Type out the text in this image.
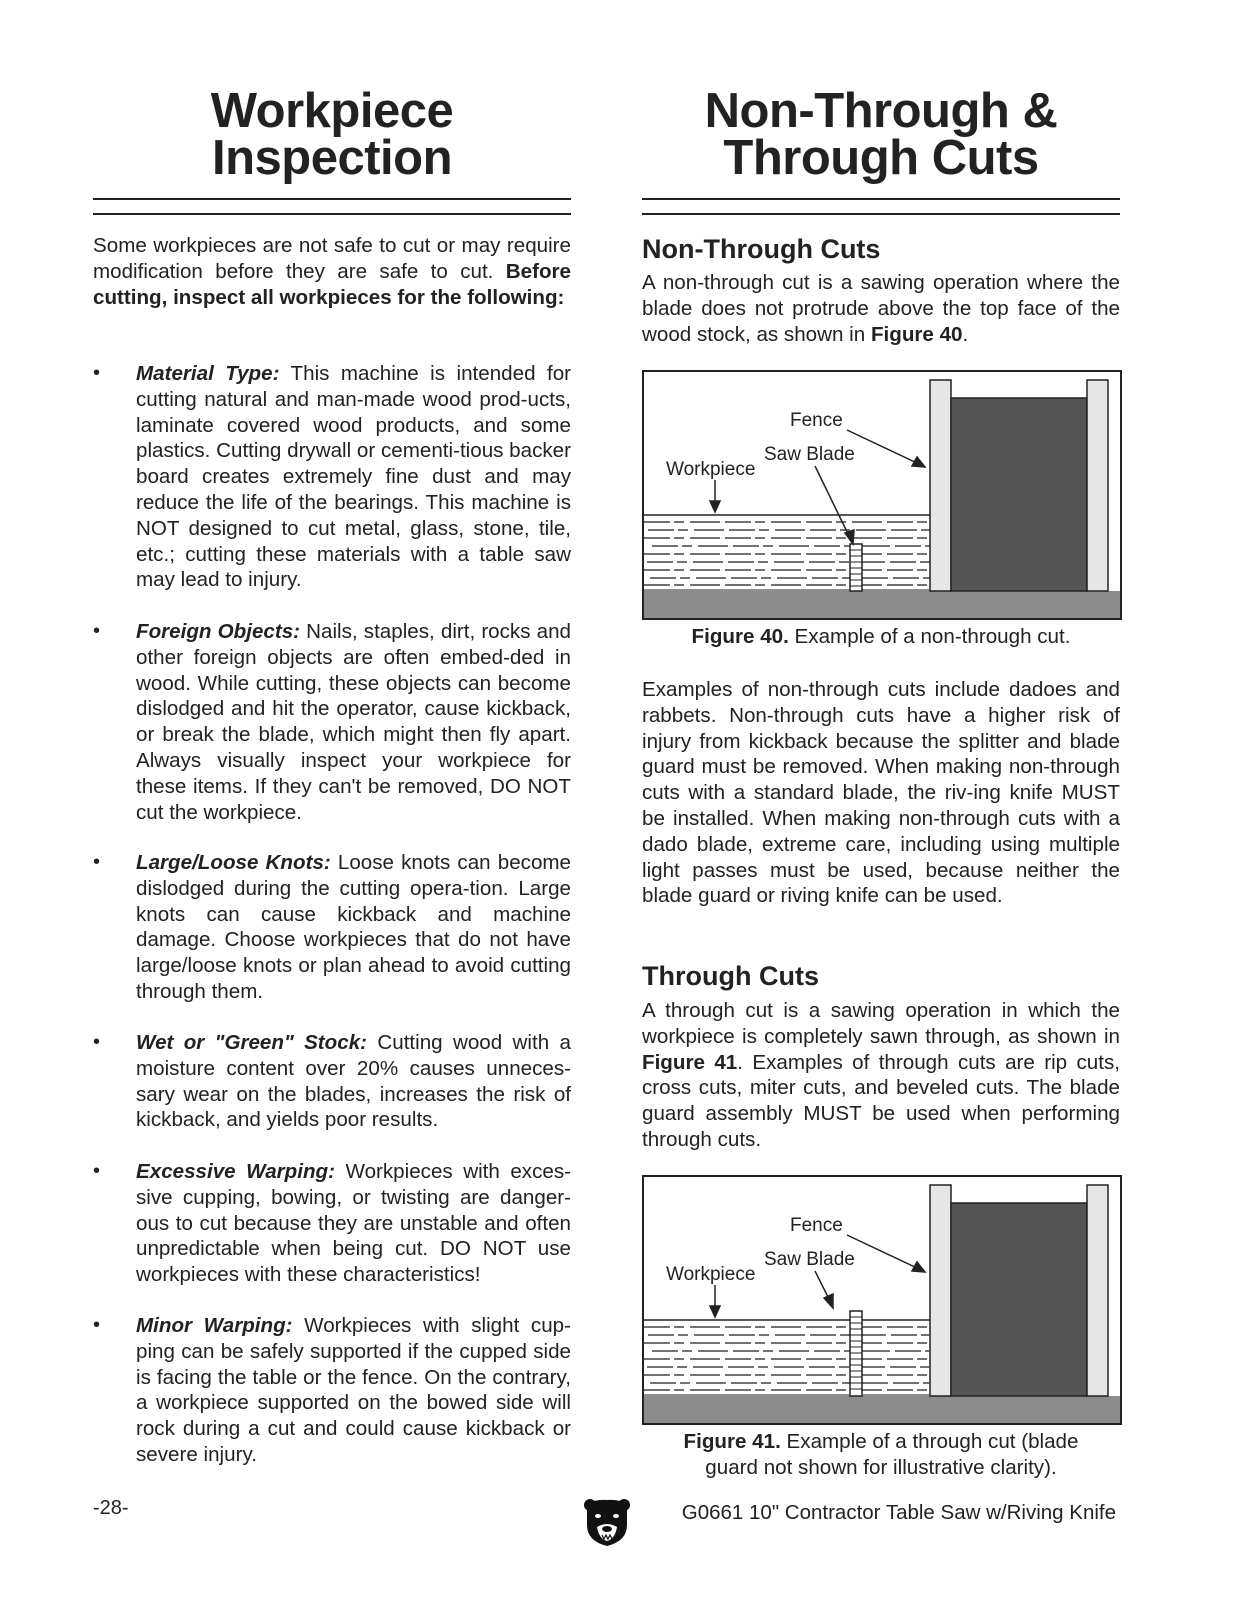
Workpiece
Inspection

Some workpieces are not safe to cut or may require modification before they are safe to cut. Before cutting, inspect all workpieces for the following:

• Material Type: This machine is intended for cutting natural and man-made wood prod-ucts, laminate covered wood products, and some plastics. Cutting drywall or cementi-tious backer board creates extremely fine dust and may reduce the life of the bearings. This machine is NOT designed to cut metal, glass, stone, tile, etc.; cutting these materials with a table saw may lead to injury.

• Foreign Objects: Nails, staples, dirt, rocks and other foreign objects are often embed-ded in wood. While cutting, these objects can become dislodged and hit the operator, cause kickback, or break the blade, which might then fly apart. Always visually inspect your workpiece for these items. If they can't be removed, DO NOT cut the workpiece.

• Large/Loose Knots: Loose knots can become dislodged during the cutting opera-tion. Large knots can cause kickback and machine damage. Choose workpieces that do not have large/loose knots or plan ahead to avoid cutting through them.

• Wet or "Green" Stock: Cutting wood with a moisture content over 20% causes unneces-sary wear on the blades, increases the risk of kickback, and yields poor results.

• Excessive Warping: Workpieces with exces-sive cupping, bowing, or twisting are danger-ous to cut because they are unstable and often unpredictable when being cut. DO NOT use workpieces with these characteristics!

• Minor Warping: Workpieces with slight cup-ping can be safely supported if the cupped side is facing the table or the fence. On the contrary, a workpiece supported on the bowed side will rock during a cut and could cause kickback or severe injury.

Non-Through &
Through Cuts
Non-Through Cuts

A non-through cut is a sawing operation where the blade does not protrude above the top face of the wood stock, as shown in Figure 40.

Fence
Saw Blade
Workpiece
Figure 40. Example of a non-through cut.

Examples of non-through cuts include dadoes and rabbets. Non-through cuts have a higher risk of injury from kickback because the splitter and blade guard must be removed. When making non-through cuts with a standard blade, the riv-ing knife MUST be installed. When making non-through cuts with a dado blade, extreme care, including using multiple light passes must be used, because neither the blade guard or riving knife can be used.

Through Cuts

A through cut is a sawing operation in which the workpiece is completely sawn through, as shown in Figure 41. Examples of through cuts are rip cuts, cross cuts, miter cuts, and beveled cuts. The blade guard assembly MUST be used when performing through cuts.

Fence
Saw Blade
Workpiece
Figure 41. Example of a through cut (blade
guard not shown for illustrative clarity).
-28-	G0661 10" Contractor Table Saw w/Riving Knife
